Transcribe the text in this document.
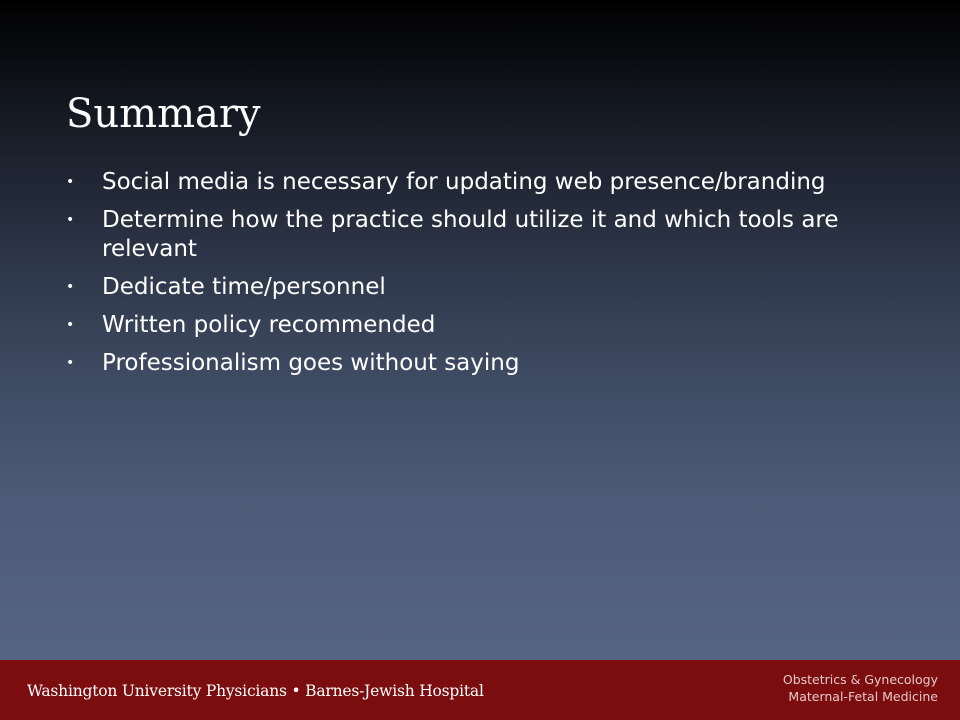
Summary
• Social media is necessary for updating web presence/branding
• Determine how the practice should utilize it and which tools are relevant
• Dedicate time/personnel
• Written policy recommended
• Professionalism goes without saying
Washington University Physicians • Barnes-Jewish Hospital
Obstetrics & Gynecology
Maternal-Fetal Medicine
